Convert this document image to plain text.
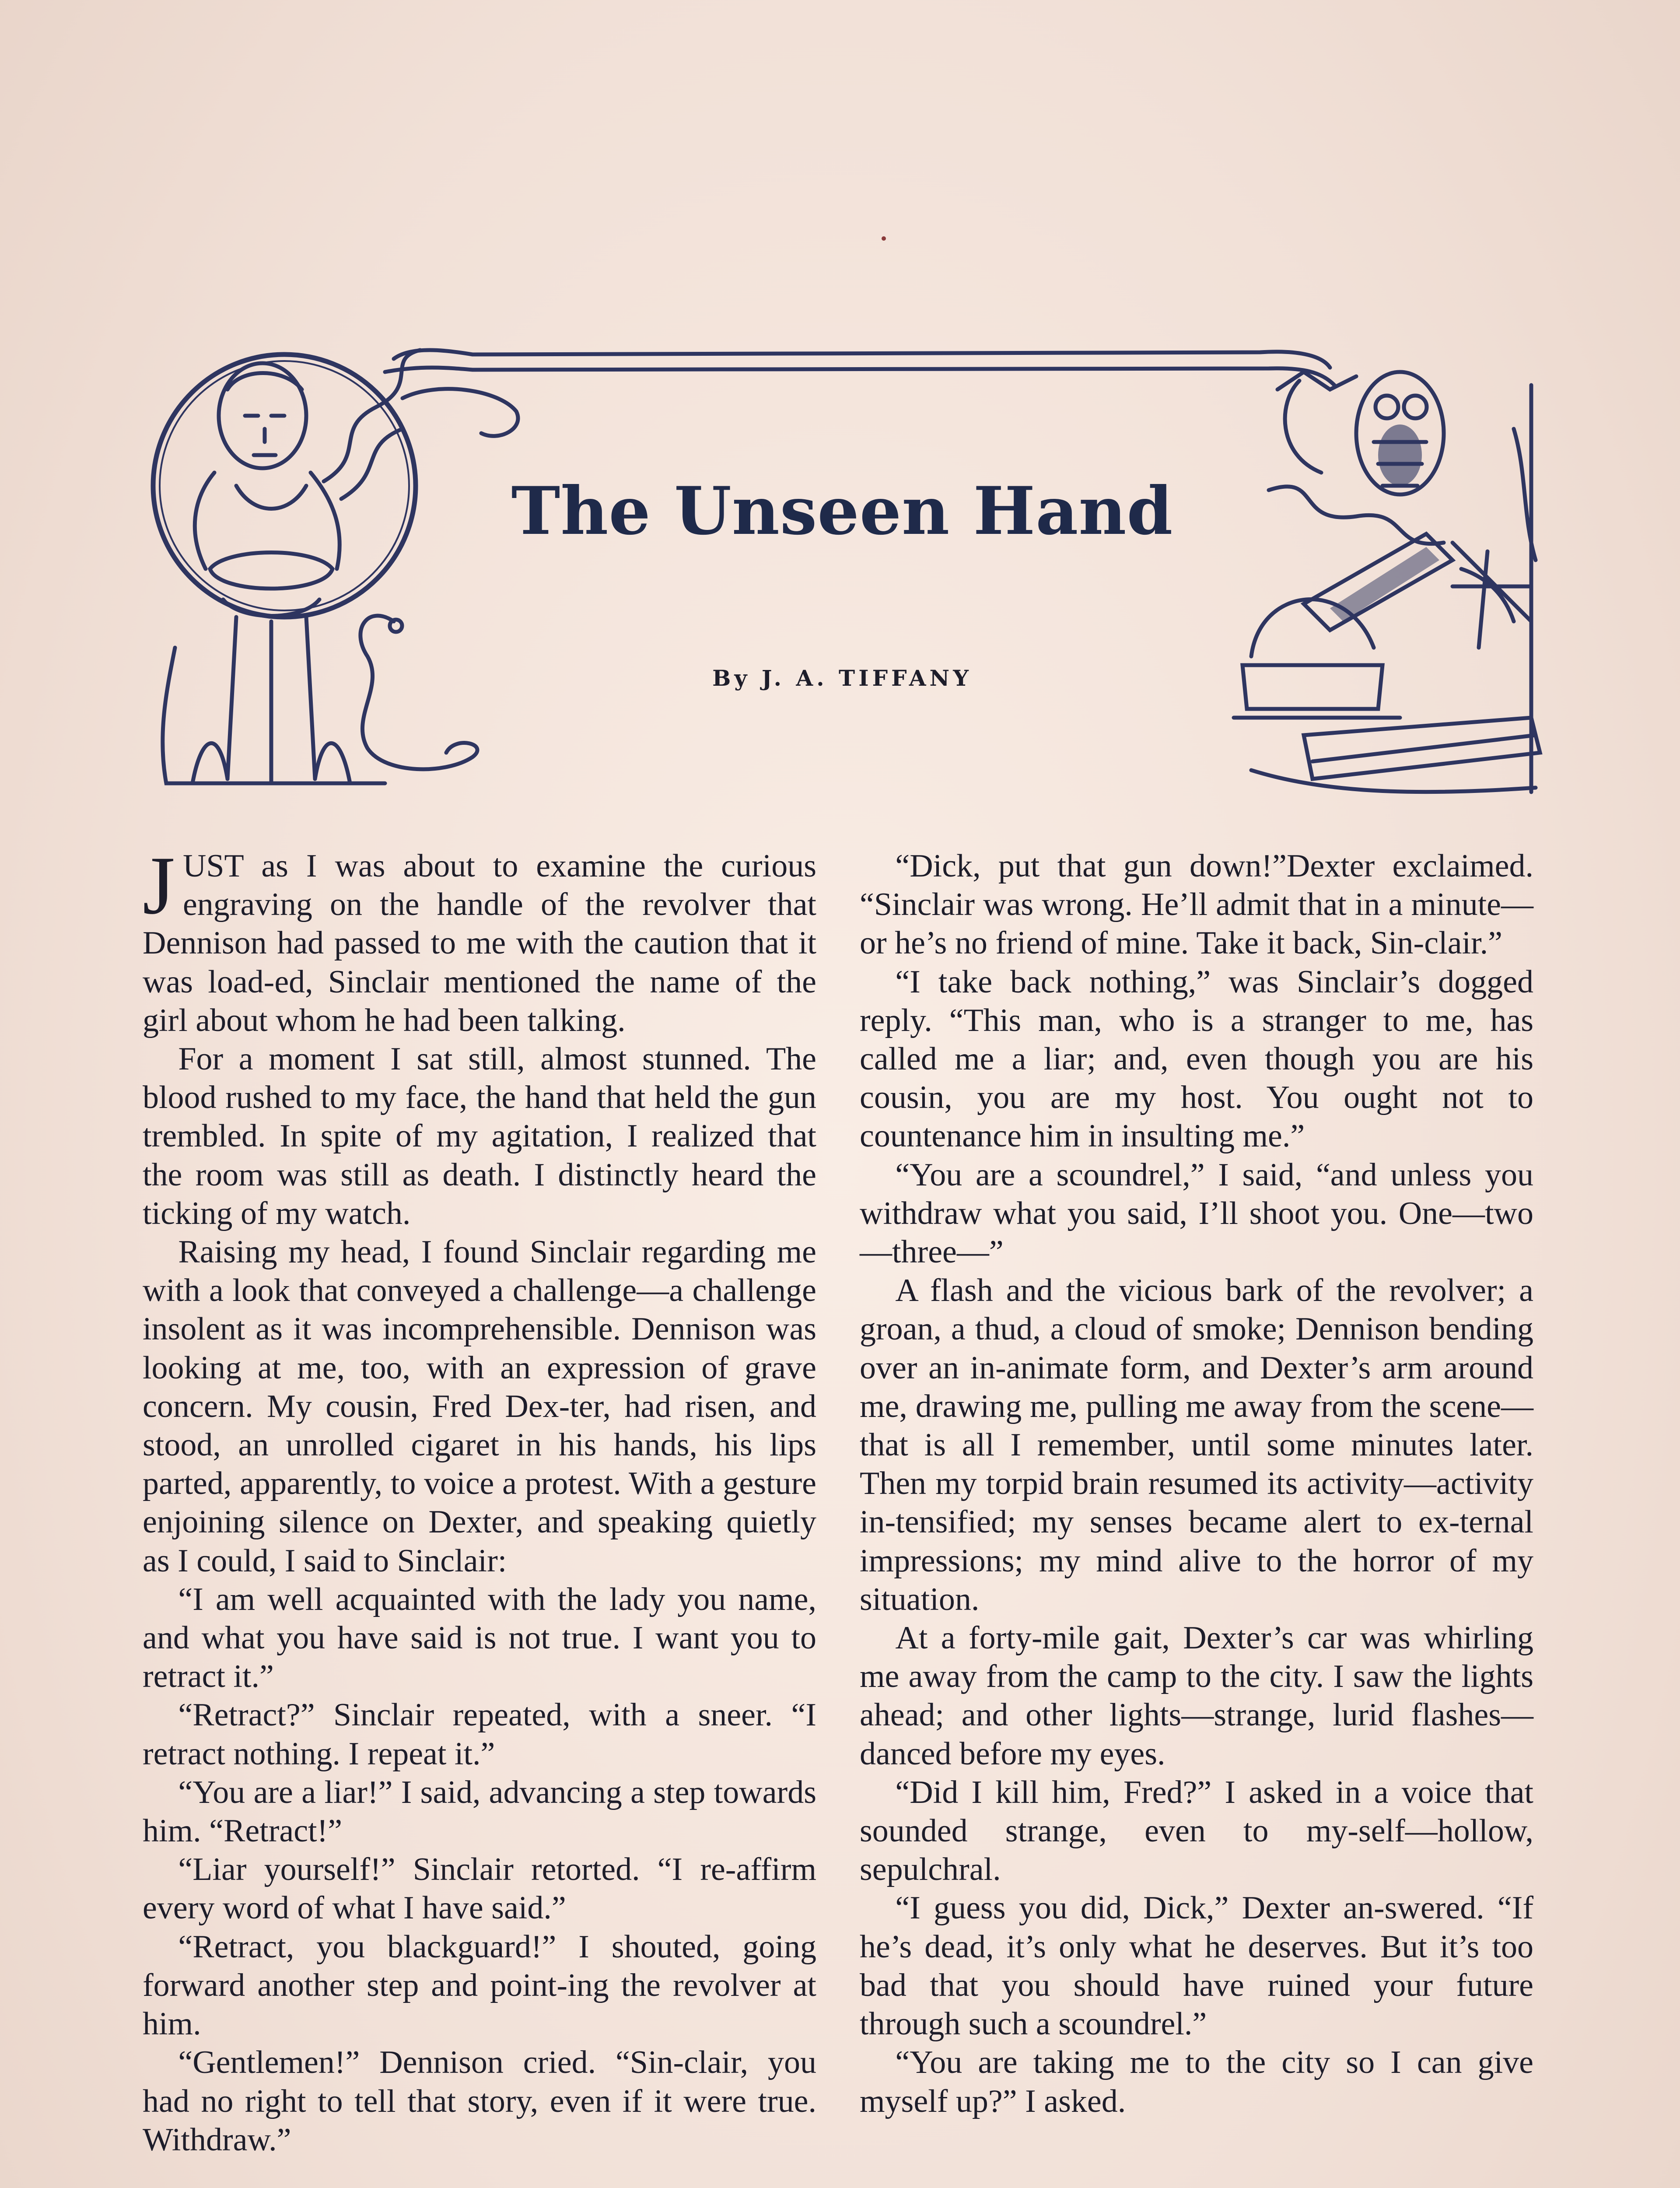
The Unseen Hand
By J. A. TIFFANY

JUST as I was about to examine the curious engraving on the handle of the revolver that Dennison had passed to me with the caution that it was load-ed, Sinclair mentioned the name of the girl about whom he had been talking.

For a moment I sat still, almost stunned. The blood rushed to my face, the hand that held the gun trembled. In spite of my agitation, I realized that the room was still as death. I distinctly heard the ticking of my watch.

Raising my head, I found Sinclair regarding me with a look that conveyed a challenge—a challenge insolent as it was incomprehensible. Dennison was looking at me, too, with an expression of grave concern. My cousin, Fred Dex-ter, had risen, and stood, an unrolled cigaret in his hands, his lips parted, apparently, to voice a protest. With a gesture enjoining silence on Dexter, and speaking quietly as I could, I said to Sinclair:

“I am well acquainted with the lady you name, and what you have said is not true. I want you to retract it.”

“Retract?” Sinclair repeated, with a sneer. “I retract nothing. I repeat it.”

“You are a liar!” I said, advancing a step towards him. “Retract!”

“Liar yourself!” Sinclair retorted. “I re-affirm every word of what I have said.”

“Retract, you blackguard!” I shouted, going forward another step and point-ing the revolver at him.

“Gentlemen!” Dennison cried. “Sin-clair, you had no right to tell that story, even if it were true. Withdraw.”

“Dick, put that gun down!”Dexter exclaimed. “Sinclair was wrong. He’ll admit that in a minute—or he’s no friend of mine. Take it back, Sin-clair.”

“I take back nothing,” was Sinclair’s dogged reply. “This man, who is a stranger to me, has called me a liar; and, even though you are his cousin, you are my host. You ought not to countenance him in insulting me.”

“You are a scoundrel,” I said, “and unless you withdraw what you said, I’ll shoot you. One—two—three—”

A flash and the vicious bark of the revolver; a groan, a thud, a cloud of smoke; Dennison bending over an in-animate form, and Dexter’s arm around me, drawing me, pulling me away from the scene— that is all I remember, until some minutes later. Then my torpid brain resumed its activity—activity in-tensified; my senses became alert to ex-ternal impressions; my mind alive to the horror of my situation.

At a forty-mile gait, Dexter’s car was whirling me away from the camp to the city. I saw the lights ahead; and other lights—strange, lurid flashes—danced before my eyes.

“Did I kill him, Fred?” I asked in a voice that sounded strange, even to my-self—hollow, sepulchral.

“I guess you did, Dick,” Dexter an-swered. “If he’s dead, it’s only what he deserves. But it’s too bad that you should have ruined your future through such a scoundrel.”

“You are taking me to the city so I can give myself up?” I asked.
